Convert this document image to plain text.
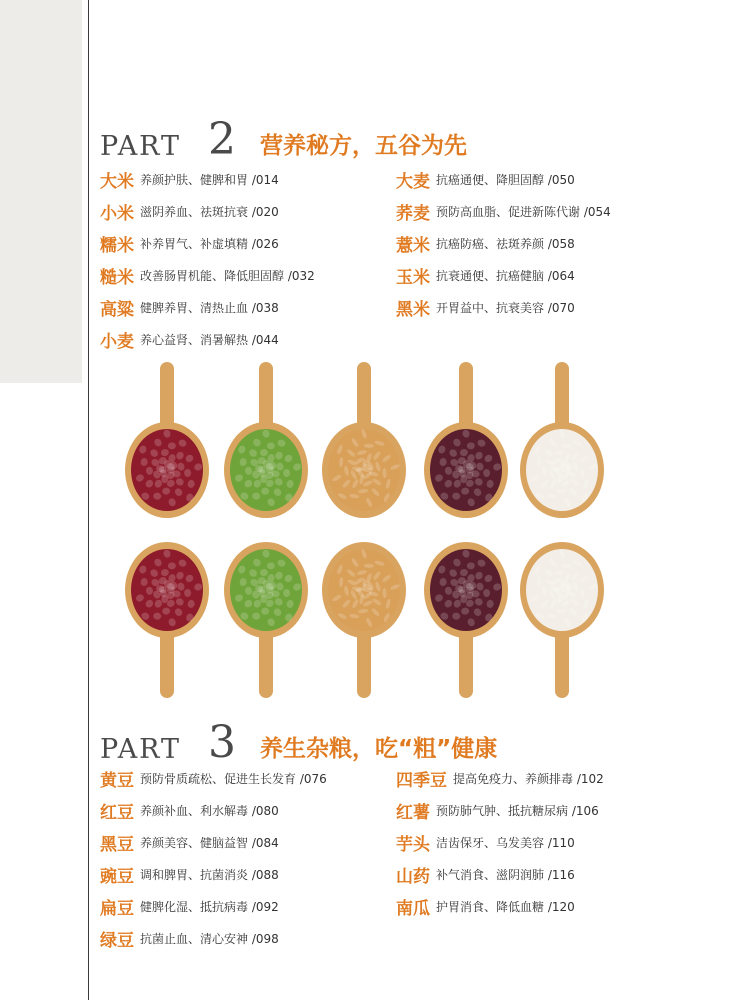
PART 2 营养秘方，五谷为先
大米 养颜护肤、健脾和胃 /014
小米 滋阴养血、祛斑抗衰 /020
糯米 补养胃气、补虚填精 /026
糙米 改善肠胃机能、降低胆固醇 /032
高粱 健脾养胃、清热止血 /038
小麦 养心益肾、消暑解热 /044
大麦 抗癌通便、降胆固醇 /050
荞麦 预防高血脂、促进新陈代谢 /054
薏米 抗癌防癌、祛斑养颜 /058
玉米 抗衰通便、抗癌健脑 /064
黑米 开胃益中、抗衰美容 /070
PART 3 养生杂粮，吃“粗”健康
黄豆 预防骨质疏松、促进生长发育 /076
红豆 养颜补血、利水解毒 /080
黑豆 养颜美容、健脑益智 /084
豌豆 调和脾胃、抗菌消炎 /088
扁豆 健脾化湿、抵抗病毒 /092
绿豆 抗菌止血、清心安神 /098
四季豆 提高免疫力、养颜排毒 /102
红薯 预防肺气肿、抵抗糖尿病 /106
芋头 洁齿保牙、乌发美容 /110
山药 补气消食、滋阴润肺 /116
南瓜 护胃消食、降低血糖 /120
